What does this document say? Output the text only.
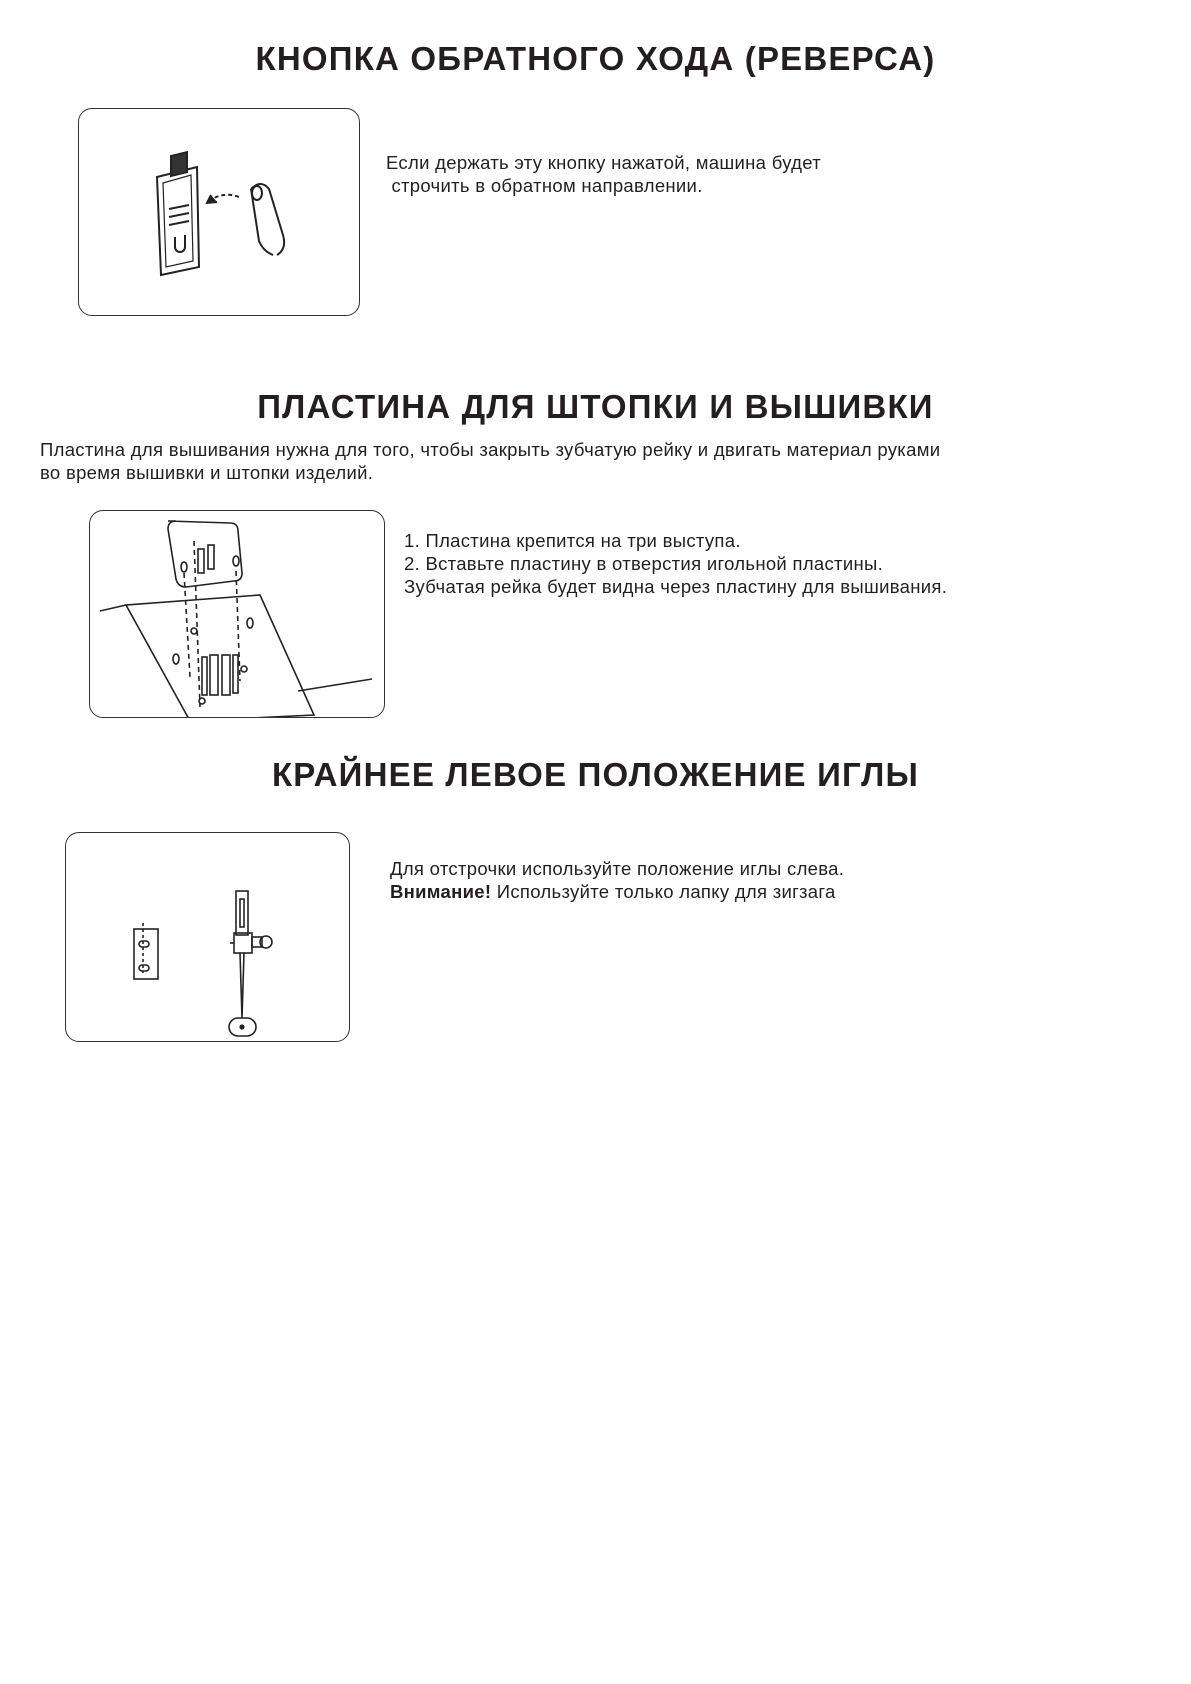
КНОПКА ОБРАТНОГО ХОДА (РЕВЕРСА)
Если держать эту кнопку нажатой, машина будет
строчить в обратном направлении.
ПЛАСТИНА ДЛЯ ШТОПКИ И ВЫШИВКИ
Пластина для вышивания нужна для того, чтобы закрыть зубчатую рейку и двигать материал руками
во время вышивки и штопки изделий.
1. Пластина крепится на три выступа.
2. Вставьте пластину в отверстия игольной пластины.
Зубчатая рейка будет видна через пластину для вышивания.
КРАЙНЕЕ ЛЕВОЕ ПОЛОЖЕНИЕ ИГЛЫ
Для отстрочки используйте положение иглы слева.
Внимание! Используйте только лапку для зигзага
